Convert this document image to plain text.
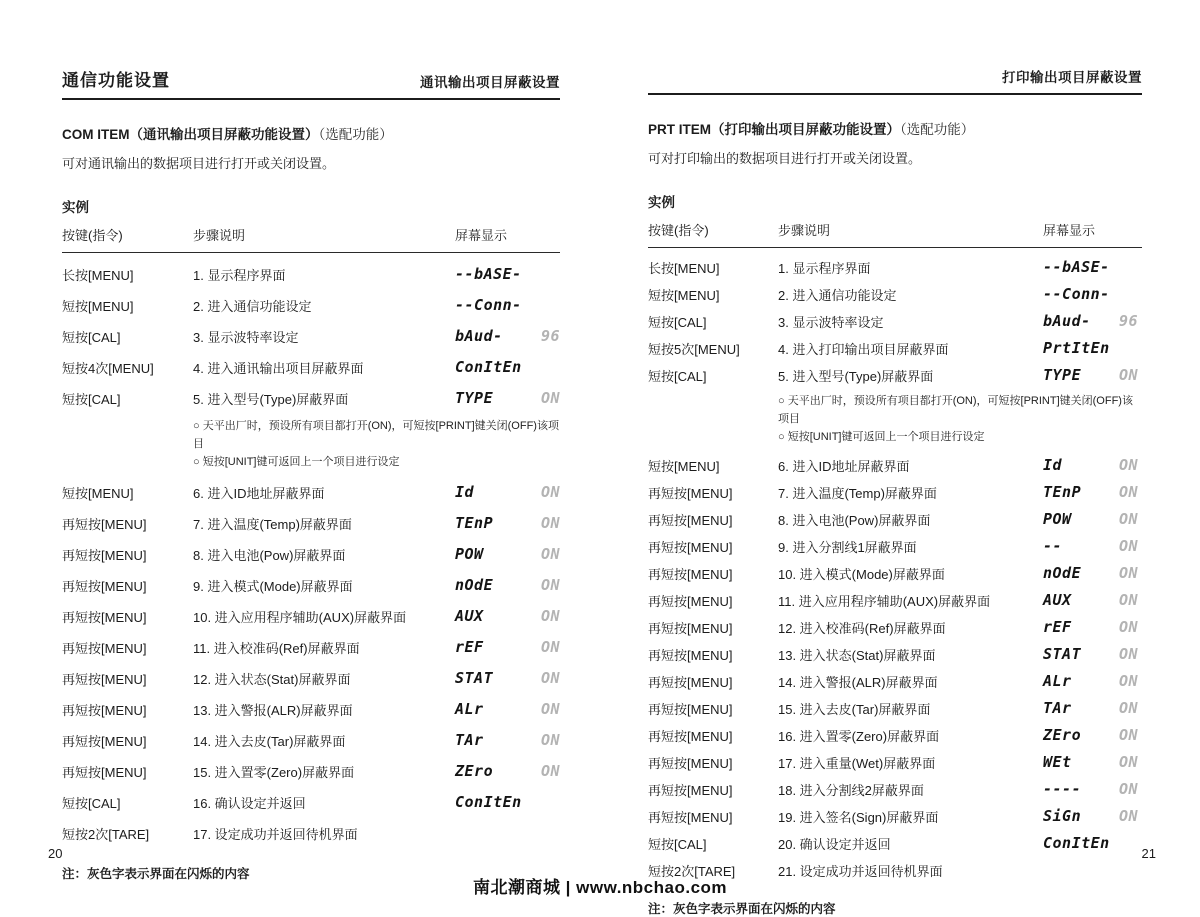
通信功能设置	通讯输出项目屏蔽设置
COM ITEM（通讯输出项目屏蔽功能设置）（选配功能）
可对通讯输出的数据项目进行打开或关闭设置。
实例
按键(指令)	步骤说明	屏幕显示
长按[MENU]	1. 显示程序界面	--bASE-
短按[MENU]	2. 进入通信功能设定	--Conn-
短按[CAL]	3. 显示波特率设定	bAud-	96
短按4次[MENU]	4. 进入通讯输出项目屏蔽界面	ConItEn
短按[CAL]	5. 进入型号(Type)屏蔽界面	TYPE	ON
○ 天平出厂时，预设所有项目都打开(ON)，可短按[PRINT]键关闭(OFF)该项目
○ 短按[UNIT]键可返回上一个项目进行设定
短按[MENU]	6. 进入ID地址屏蔽界面	Id	ON
再短按[MENU]	7. 进入温度(Temp)屏蔽界面	TEnP	ON
再短按[MENU]	8. 进入电池(Pow)屏蔽界面	POW	ON
再短按[MENU]	9. 进入模式(Mode)屏蔽界面	nOdE	ON
再短按[MENU]	10. 进入应用程序辅助(AUX)屏蔽界面	AUX	ON
再短按[MENU]	11. 进入校准码(Ref)屏蔽界面	rEF	ON
再短按[MENU]	12. 进入状态(Stat)屏蔽界面	STAT	ON
再短按[MENU]	13. 进入警报(ALR)屏蔽界面	ALr	ON
再短按[MENU]	14. 进入去皮(Tar)屏蔽界面	TAr	ON
再短按[MENU]	15. 进入置零(Zero)屏蔽界面	ZEro	ON
短按[CAL]	16. 确认设定并返回	ConItEn
短按2次[TARE]	17. 设定成功并返回待机界面
注：灰色字表示界面在闪烁的内容
打印输出项目屏蔽设置
PRT ITEM（打印输出项目屏蔽功能设置）（选配功能）
可对打印输出的数据项目进行打开或关闭设置。
实例
按键(指令)	步骤说明	屏幕显示
长按[MENU]	1. 显示程序界面	--bASE-
短按[MENU]	2. 进入通信功能设定	--Conn-
短按[CAL]	3. 显示波特率设定	bAud- 96
短按5次[MENU]	4. 进入打印输出项目屏蔽界面	PrtItEn
短按[CAL]	5. 进入型号(Type)屏蔽界面	TYPE	ON
○ 天平出厂时，预设所有项目都打开(ON)，可短按[PRINT]键关闭(OFF)该项目
○ 短按[UNIT]键可返回上一个项目进行设定
短按[MENU]	6. 进入ID地址屏蔽界面	Id	ON
再短按[MENU]	7. 进入温度(Temp)屏蔽界面	TEnP	ON
再短按[MENU]	8. 进入电池(Pow)屏蔽界面	POW	ON
再短按[MENU]	9. 进入分割线1屏蔽界面	--	ON
再短按[MENU]	10. 进入模式(Mode)屏蔽界面	nOdE	ON
再短按[MENU]	11. 进入应用程序辅助(AUX)屏蔽界面	AUX	ON
再短按[MENU]	12. 进入校准码(Ref)屏蔽界面	rEF	ON
再短按[MENU]	13. 进入状态(Stat)屏蔽界面	STAT	ON
再短按[MENU]	14. 进入警报(ALR)屏蔽界面	ALr	ON
再短按[MENU]	15. 进入去皮(Tar)屏蔽界面	TAr	ON
再短按[MENU]	16. 进入置零(Zero)屏蔽界面	ZEro	ON
再短按[MENU]	17. 进入重量(Wet)屏蔽界面	WEt	ON
再短按[MENU]	18. 进入分割线2屏蔽界面	----	ON
再短按[MENU]	19. 进入签名(Sign)屏蔽界面	SiGn	ON
短按[CAL]	20. 确认设定并返回	ConItEn
短按2次[TARE]	21. 设定成功并返回待机界面
注：灰色字表示界面在闪烁的内容
20	21
南北潮商城 | www.nbchao.com
